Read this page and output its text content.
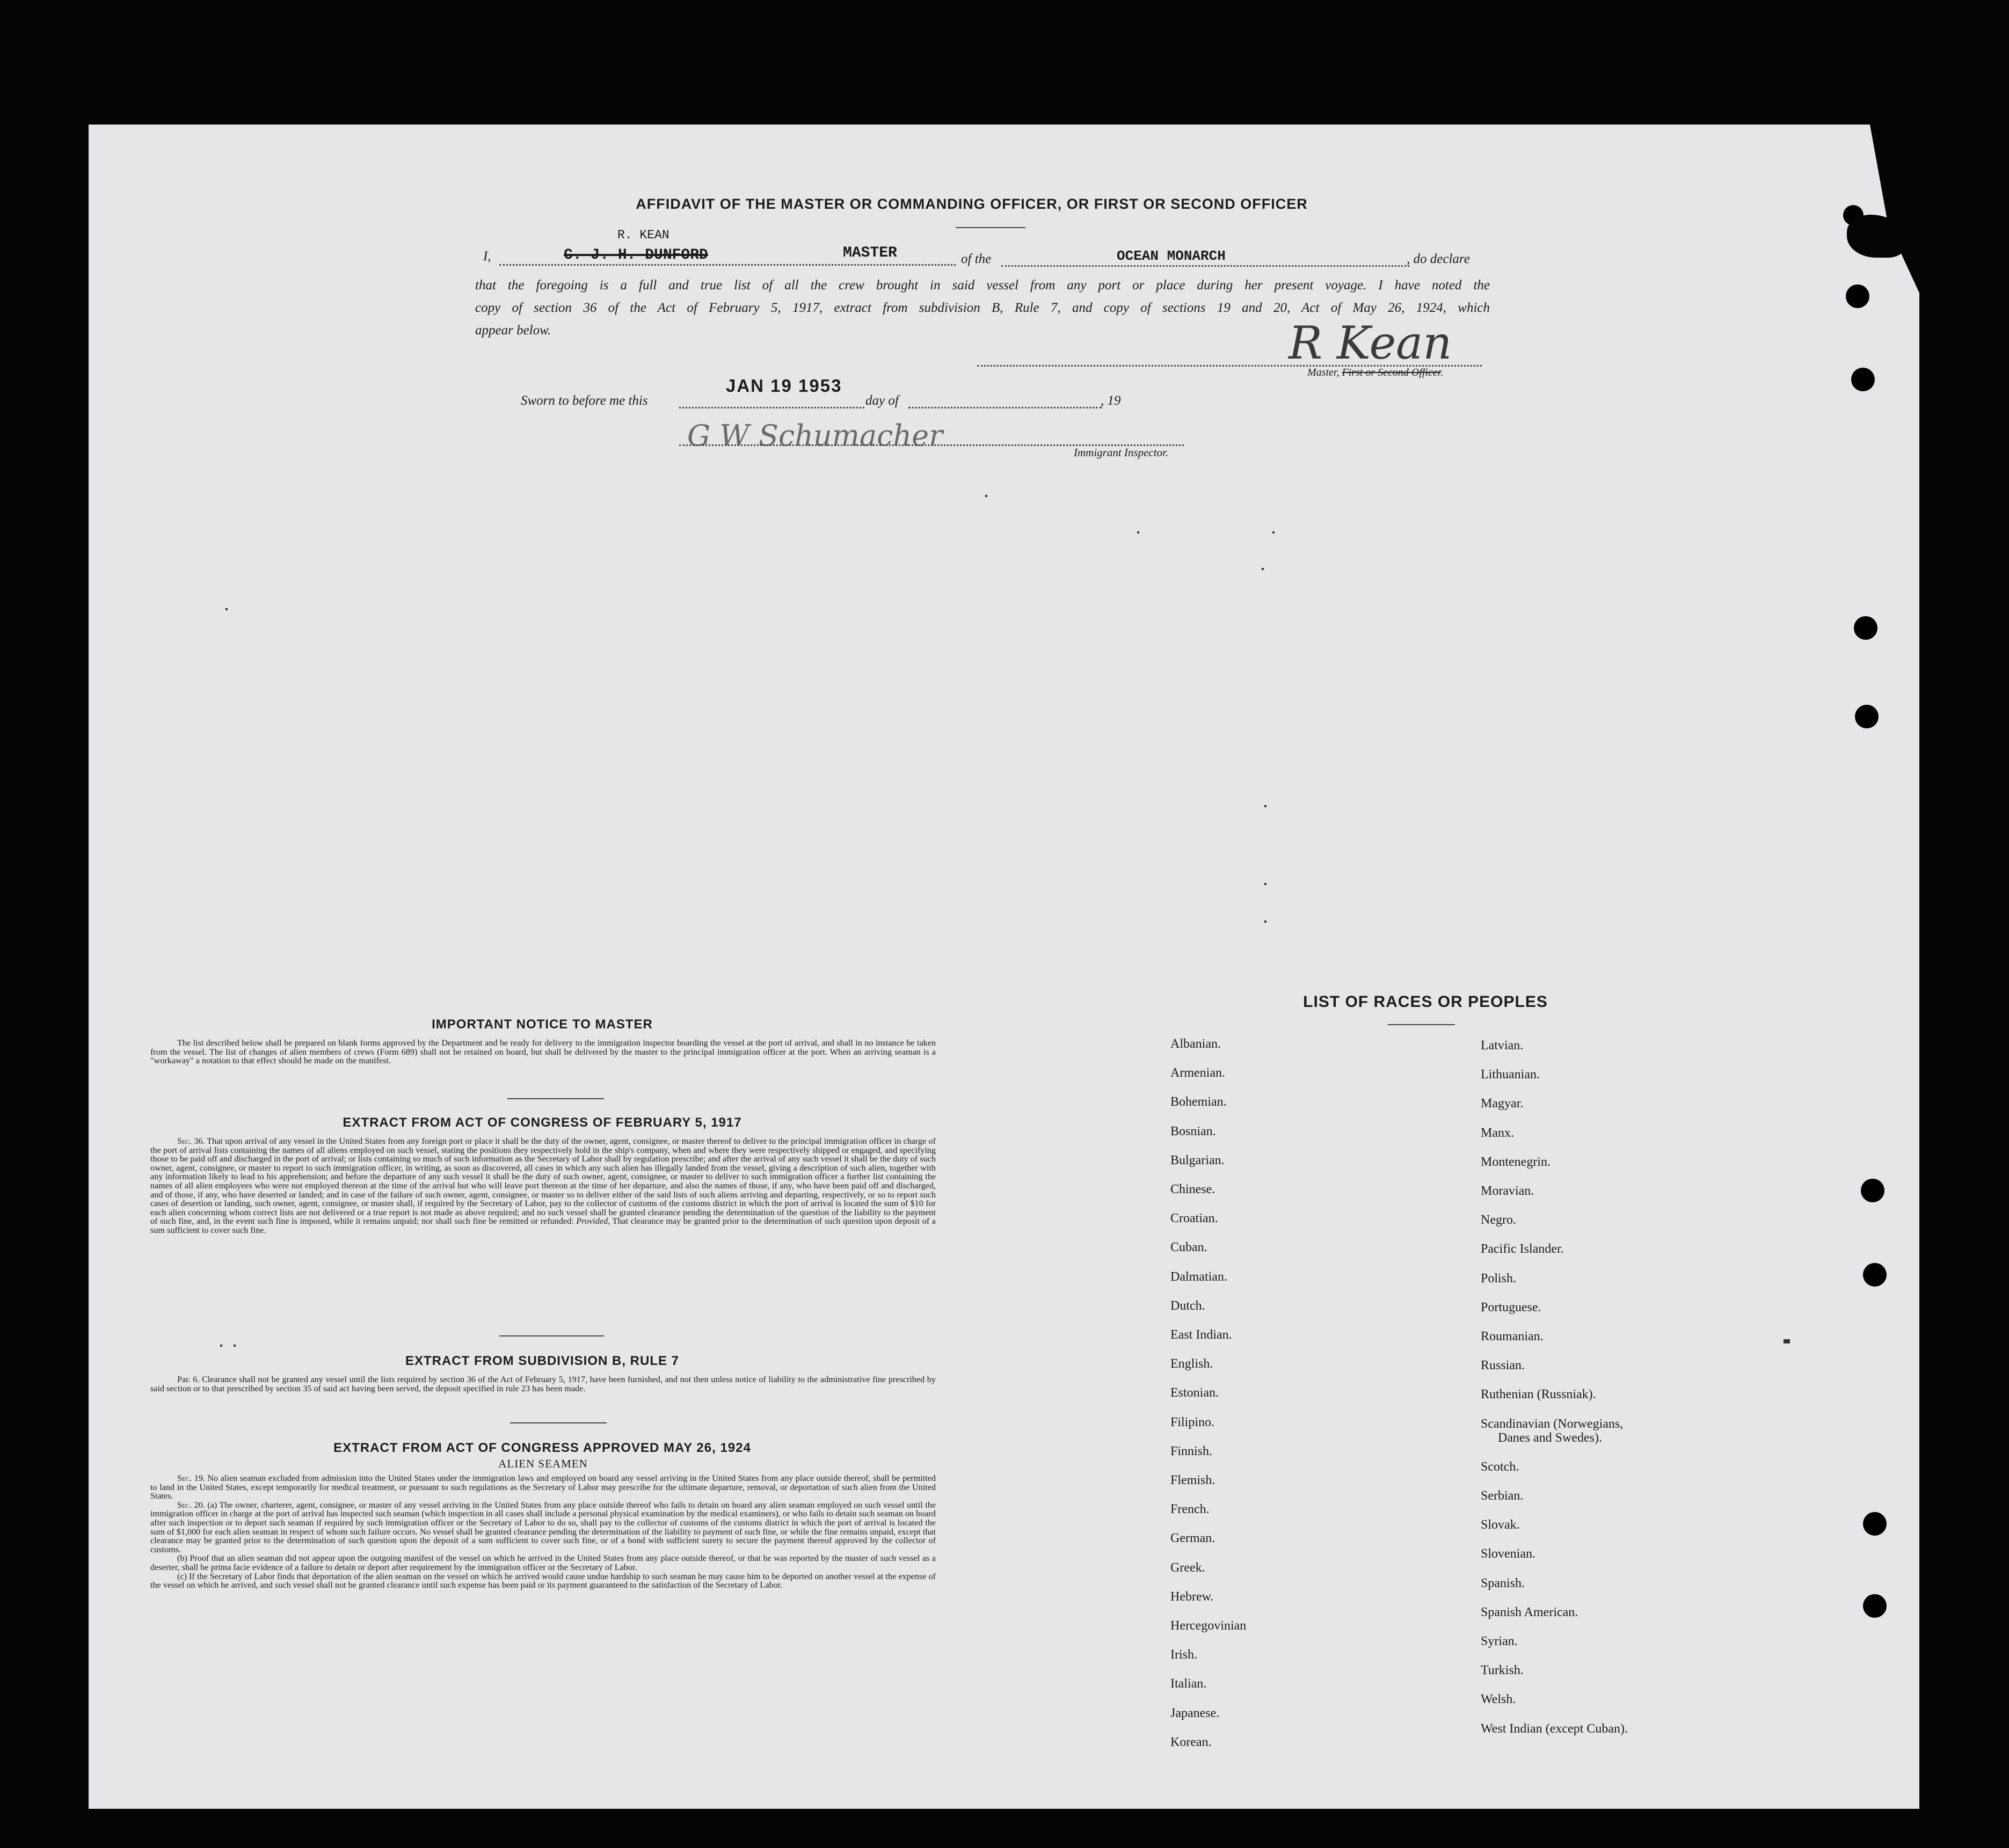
AFFIDAVIT OF THE MASTER OR COMMANDING OFFICER, OR FIRST OR SECOND OFFICER
I,
R. KEAN
C. J. H. DUNFORD	MASTER	of the	OCEAN MONARCH	, do declare
that the foregoing is a full and true list of all the crew brought in said vessel from any port or place during her present voyage. I have noted the
copy of section 36 of the Act of February 5, 1917, extract from subdivision B, Rule 7, and copy of sections 19 and 20, Act of May 26, 1924, which
appear below.	R Kean
Master, First or Second Officer.
Sworn to before me this
JAN 19 1953
day of	, 19
G W Schumacher	Immigrant Inspector.
IMPORTANT NOTICE TO MASTER

The list described below shall be prepared on blank forms approved by the Department and be ready for delivery to the immigration inspector boarding the vessel at the port of arrival, and shall in no instance be taken from the vessel. The list of changes of alien members of crews (Form 689) shall not be retained on board, but shall be delivered by the master to the principal immigration officer at the port. When an arriving seaman is a "workaway" a notation to that effect should be made on the manifest.

EXTRACT FROM ACT OF CONGRESS OF FEBRUARY 5, 1917

Sec. 36. That upon arrival of any vessel in the United States from any foreign port or place it shall be the duty of the owner, agent, consignee, or master thereof to deliver to the principal immigration officer in charge of the port of arrival lists containing the names of all aliens employed on such vessel, stating the positions they respectively hold in the ship's company, when and where they were respectively shipped or engaged, and specifying those to be paid off and discharged in the port of arrival; or lists containing so much of such information as the Secretary of Labor shall by regulation prescribe; and after the arrival of any such vessel it shall be the duty of such owner, agent, consignee, or master to report to such immigration officer, in writing, as soon as discovered, all cases in which any such alien has illegally landed from the vessel, giving a description of such alien, together with any information likely to lead to his apprehension; and before the departure of any such vessel it shall be the duty of such owner, agent, consignee, or master to deliver to such immigration officer a further list containing the names of all alien employees who were not employed thereon at the time of the arrival but who will leave port thereon at the time of her departure, and also the names of those, if any, who have been paid off and discharged, and of those, if any, who have deserted or landed; and in case of the failure of such owner, agent, consignee, or master so to deliver either of the said lists of such aliens arriving and departing, respectively, or so to report such cases of desertion or landing, such owner, agent, consignee, or master shall, if required by the Secretary of Labor, pay to the collector of customs of the customs district in which the port of arrival is located the sum of $10 for each alien concerning whom correct lists are not delivered or a true report is not made as above required; and no such vessel shall be granted clearance pending the determination of the question of the liability to the payment of such fine, and, in the event such fine is imposed, while it remains unpaid; nor shall such fine be remitted or refunded: Provided, That clearance may be granted prior to the determination of such question upon deposit of a sum sufficient to cover such fine.

EXTRACT FROM SUBDIVISION B, RULE 7

Par. 6. Clearance shall not be granted any vessel until the lists required by section 36 of the Act of February 5, 1917, have been furnished, and not then unless notice of liability to the administrative fine prescribed by said section or to that prescribed by section 35 of said act having been served, the deposit specified in rule 23 has been made.

EXTRACT FROM ACT OF CONGRESS APPROVED MAY 26, 1924
ALIEN SEAMEN

Sec. 19. No alien seaman excluded from admission into the United States under the immigration laws and employed on board any vessel arriving in the United States from any place outside thereof, shall be permitted to land in the United States, except temporarily for medical treatment, or pursuant to such regulations as the Secretary of Labor may prescribe for the ultimate departure, removal, or deportation of such alien from the United States.

Sec. 20. (a) The owner, charterer, agent, consignee, or master of any vessel arriving in the United States from any place outside thereof who fails to detain on board any alien seaman employed on such vessel until the immigration officer in charge at the port of arrival has inspected such seaman (which inspection in all cases shall include a personal physical examination by the medical examiners), or who fails to detain such seaman on board after such inspection or to deport such seaman if required by such immigration officer or the Secretary of Labor to do so, shall pay to the collector of customs of the customs district in which the port of arrival is located the sum of $1,000 for each alien seaman in respect of whom such failure occurs. No vessel shall be granted clearance pending the determination of the liability to payment of such fine, or while the fine remains unpaid, except that clearance may be granted prior to the determination of such question upon the deposit of a sum sufficient to cover such fine, or of a bond with sufficient surety to secure the payment thereof approved by the collector of customs.

(b) Proof that an alien seaman did not appear upon the outgoing manifest of the vessel on which he arrived in the United States from any place outside thereof, or that he was reported by the master of such vessel as a deserter, shall be prima facie evidence of a failure to detain or deport after requirement by the immigration officer or the Secretary of Labor.

(c) If the Secretary of Labor finds that deportation of the alien seaman on the vessel on which he arrived would cause undue hardship to such seaman he may cause him to be deported on another vessel at the expense of the vessel on which he arrived, and such vessel shall not be granted clearance until such expense has been paid or its payment guaranteed to the satisfaction of the Secretary of Labor.

LIST OF RACES OR PEOPLES
Albanian.
Armenian.
Bohemian.
Bosnian.
Bulgarian.
Chinese.
Croatian.
Cuban.
Dalmatian.
Dutch.
East Indian.
English.
Estonian.
Filipino.
Finnish.
Flemish.
French.
German.
Greek.
Hebrew.
Hercegovinian
Irish.
Italian.
Japanese.
Korean.
Latvian.
Lithuanian.
Magyar.
Manx.
Montenegrin.
Moravian.
Negro.
Pacific Islander.
Polish.
Portuguese.
Roumanian.
Russian.
Ruthenian (Russniak).
Scandinavian (Norwegians,
Danes and Swedes).
Scotch.
Serbian.
Slovak.
Slovenian.
Spanish.
Spanish American.
Syrian.
Turkish.
Welsh.
West Indian (except Cuban).
